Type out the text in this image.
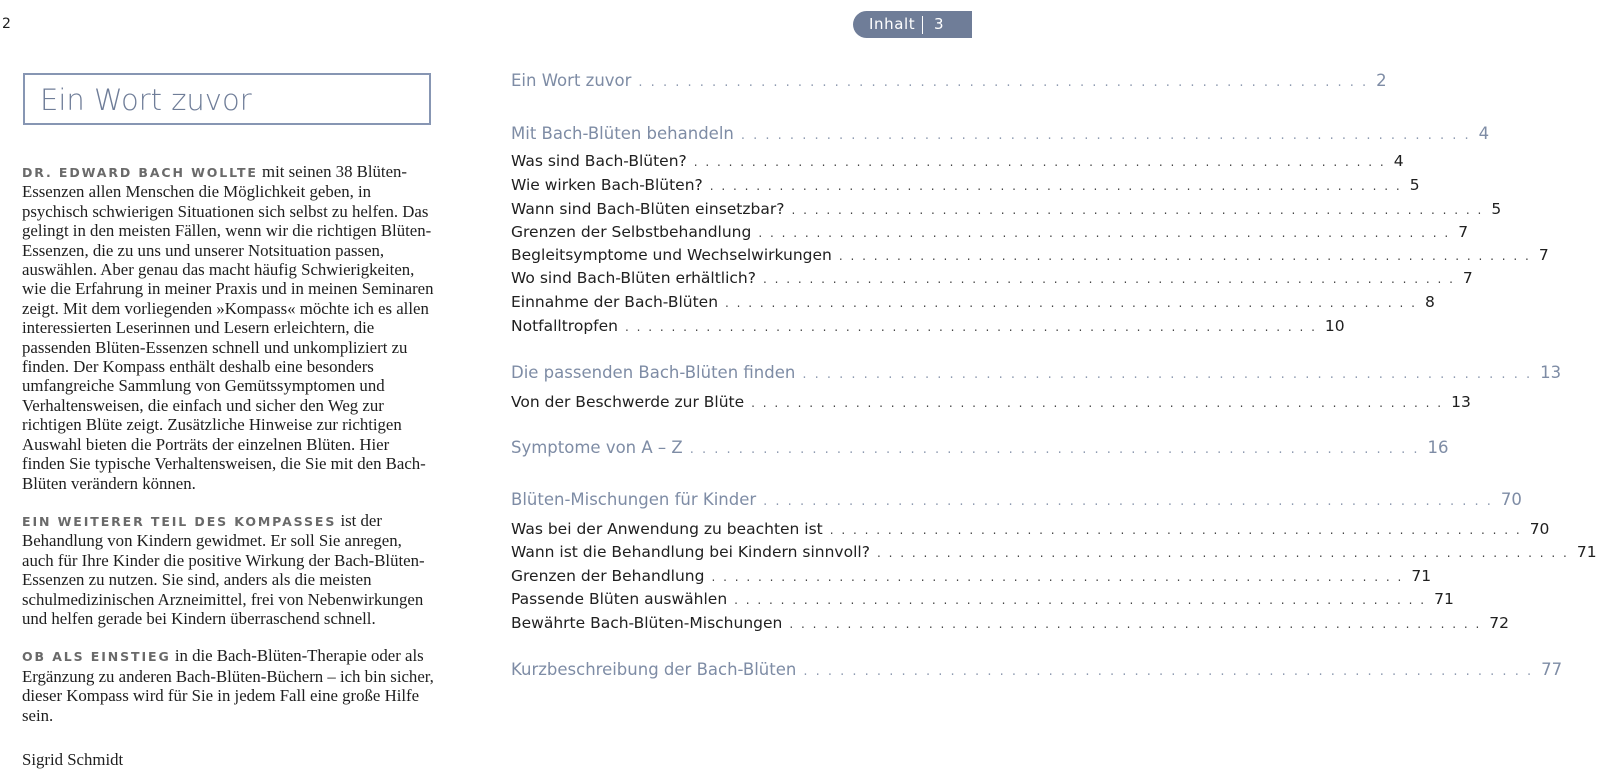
2	Inhalt 3
Ein Wort zuvor

DR. EDWARD BACH WOLLTE mit seinen 38 Blüten-Essenzen allen Menschen die Möglichkeit geben, in psychisch schwierigen Situationen sich selbst zu helfen. Das gelingt in den meisten Fällen, wenn wir die richtigen Blüten-Essenzen, die zu uns und unserer Notsituation passen, auswählen. Aber genau das macht häufig Schwierigkeiten, wie die Erfahrung in meiner Praxis und in meinen Seminaren zeigt. Mit dem vorliegenden »Kompass« möchte ich es allen interessierten Leserinnen und Lesern erleichtern, die passenden Blüten-Essenzen schnell und unkompliziert zu finden. Der Kompass enthält deshalb eine besonders umfangreiche Sammlung von Gemütssymptomen und Verhaltensweisen, die einfach und sicher den Weg zur richtigen Blüte zeigt. Zusätzliche Hinweise zur richtigen Auswahl bieten die Porträts der einzelnen Blüten. Hier finden Sie typische Verhaltensweisen, die Sie mit den Bach-Blüten verändern können.

EIN WEITERER TEIL DES KOMPASSES ist der Behandlung von Kindern gewidmet. Er soll Sie anregen, auch für Ihre Kinder die positive Wirkung der Bach-Blüten-Essenzen zu nutzen. Sie sind, anders als die meisten schulmedizinischen Arzneimittel, frei von Nebenwirkungen und helfen gerade bei Kindern überraschend schnell.

OB ALS EINSTIEG in die Bach-Blüten-Therapie oder als Ergänzung zu anderen Bach-Blüten-Büchern – ich bin sicher, dieser Kompass wird für Sie in jedem Fall eine große Hilfe sein.

Sigrid Schmidt
Ein Wort zuvor . . . . . . . . . . . . . . . . . . . . . . . . . . . . . . . . . . . . . . . . . . . . . . . . . . . . . . . . . . . . 2
Mit Bach-Blüten behandeln . . . . . . . . . . . . . . . . . . . . . . . . . . . . . . . . . . . . . . . . . . . . . . . . . . . . . . . . . . . . 4
Was sind Bach-Blüten? . . . . . . . . . . . . . . . . . . . . . . . . . . . . . . . . . . . . . . . . . . . . . . . . . . . . . . . . . . . . 4
Wie wirken Bach-Blüten? . . . . . . . . . . . . . . . . . . . . . . . . . . . . . . . . . . . . . . . . . . . . . . . . . . . . . . . . . . . . 5
Wann sind Bach-Blüten einsetzbar? . . . . . . . . . . . . . . . . . . . . . . . . . . . . . . . . . . . . . . . . . . . . . . . . . . . . . . . . . . . . 5
Grenzen der Selbstbehandlung . . . . . . . . . . . . . . . . . . . . . . . . . . . . . . . . . . . . . . . . . . . . . . . . . . . . . . . . . . . . 7
Begleitsymptome und Wechselwirkungen . . . . . . . . . . . . . . . . . . . . . . . . . . . . . . . . . . . . . . . . . . . . . . . . . . . . . . . . . . . . 7
Wo sind Bach-Blüten erhältlich? . . . . . . . . . . . . . . . . . . . . . . . . . . . . . . . . . . . . . . . . . . . . . . . . . . . . . . . . . . . . 7
Einnahme der Bach-Blüten . . . . . . . . . . . . . . . . . . . . . . . . . . . . . . . . . . . . . . . . . . . . . . . . . . . . . . . . . . . . 8
Notfalltropfen . . . . . . . . . . . . . . . . . . . . . . . . . . . . . . . . . . . . . . . . . . . . . . . . . . . . . . . . . . . . 10
Die passenden Bach-Blüten finden . . . . . . . . . . . . . . . . . . . . . . . . . . . . . . . . . . . . . . . . . . . . . . . . . . . . . . . . . . . . 13
Von der Beschwerde zur Blüte . . . . . . . . . . . . . . . . . . . . . . . . . . . . . . . . . . . . . . . . . . . . . . . . . . . . . . . . . . . . 13
Symptome von A – Z . . . . . . . . . . . . . . . . . . . . . . . . . . . . . . . . . . . . . . . . . . . . . . . . . . . . . . . . . . . . 16
Blüten-Mischungen für Kinder . . . . . . . . . . . . . . . . . . . . . . . . . . . . . . . . . . . . . . . . . . . . . . . . . . . . . . . . . . . . 70
Was bei der Anwendung zu beachten ist . . . . . . . . . . . . . . . . . . . . . . . . . . . . . . . . . . . . . . . . . . . . . . . . . . . . . . . . . . . . 70
Wann ist die Behandlung bei Kindern sinnvoll? . . . . . . . . . . . . . . . . . . . . . . . . . . . . . . . . . . . . . . . . . . . . . . . . . . . . . . . . . . . . 71
Grenzen der Behandlung . . . . . . . . . . . . . . . . . . . . . . . . . . . . . . . . . . . . . . . . . . . . . . . . . . . . . . . . . . . . 71
Passende Blüten auswählen . . . . . . . . . . . . . . . . . . . . . . . . . . . . . . . . . . . . . . . . . . . . . . . . . . . . . . . . . . . . 71
Bewährte Bach-Blüten-Mischungen . . . . . . . . . . . . . . . . . . . . . . . . . . . . . . . . . . . . . . . . . . . . . . . . . . . . . . . . . . . . 72
Kurzbeschreibung der Bach-Blüten . . . . . . . . . . . . . . . . . . . . . . . . . . . . . . . . . . . . . . . . . . . . . . . . . . . . . . . . . . . . 77
